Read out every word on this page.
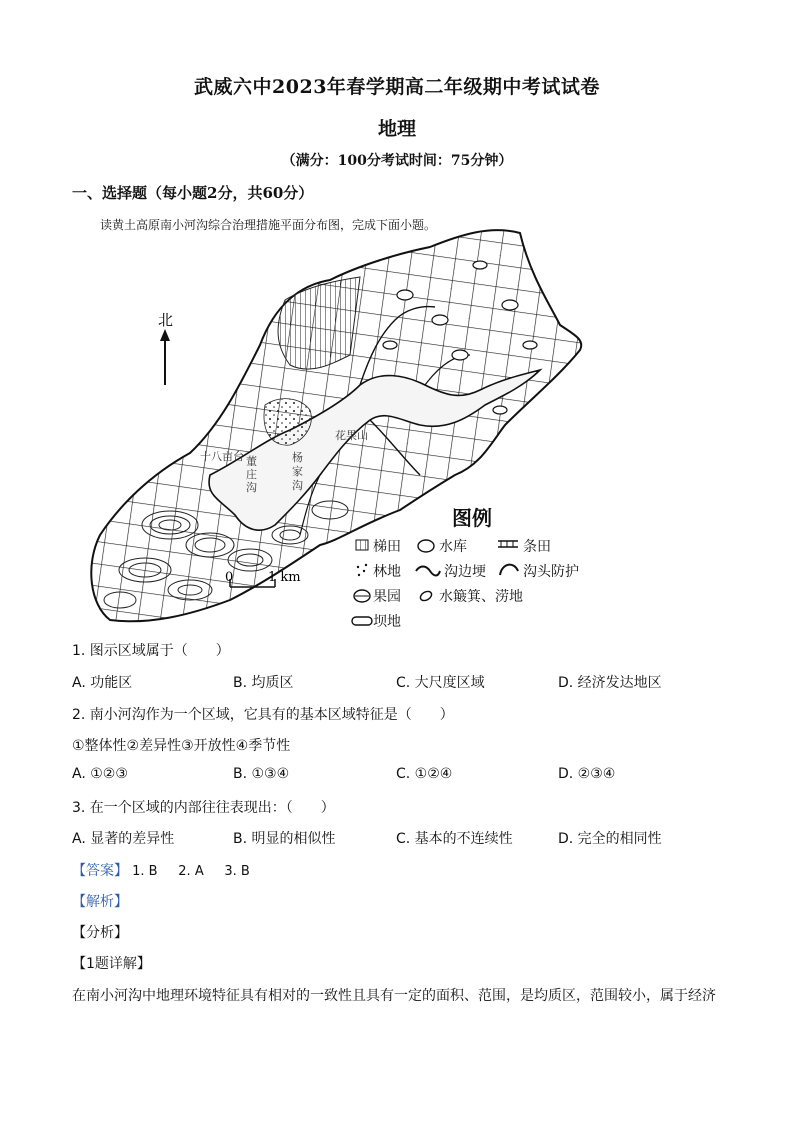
武威六中2023年春学期高二年级期中考试试卷
地理
（满分：100分考试时间：75分钟）
一、选择题（每小题2分，共60分）
读黄土高原南小河沟综合治理措施平面分布图，完成下面小题。
北
十八亩台 董
庄
沟
花果山
杨
家
沟
0	1 km
图例
梯田	水库	条田
林地	沟边埂	沟头防护
果园	水簸箕、涝地
坝地
1. 图示区域属于（　　）
A. 功能区	B. 均质区	C. 大尺度区域	D. 经济发达地区
2. 南小河沟作为一个区域，它具有的基本区域特征是（　　）
①整体性②差异性③开放性④季节性
A. ①②③	B. ①③④	C. ①②④	D. ②③④
3. 在一个区域的内部往往表现出：（　　）
A. 显著的差异性	B. 明显的相似性	C. 基本的不连续性	D. 完全的相同性
【答案】 1. B 2. A 3. B
【解析】
【分析】
【1题详解】
在南小河沟中地理环境特征具有相对的一致性且具有一定的面积、范围，是均质区，范围较小，属于经济
